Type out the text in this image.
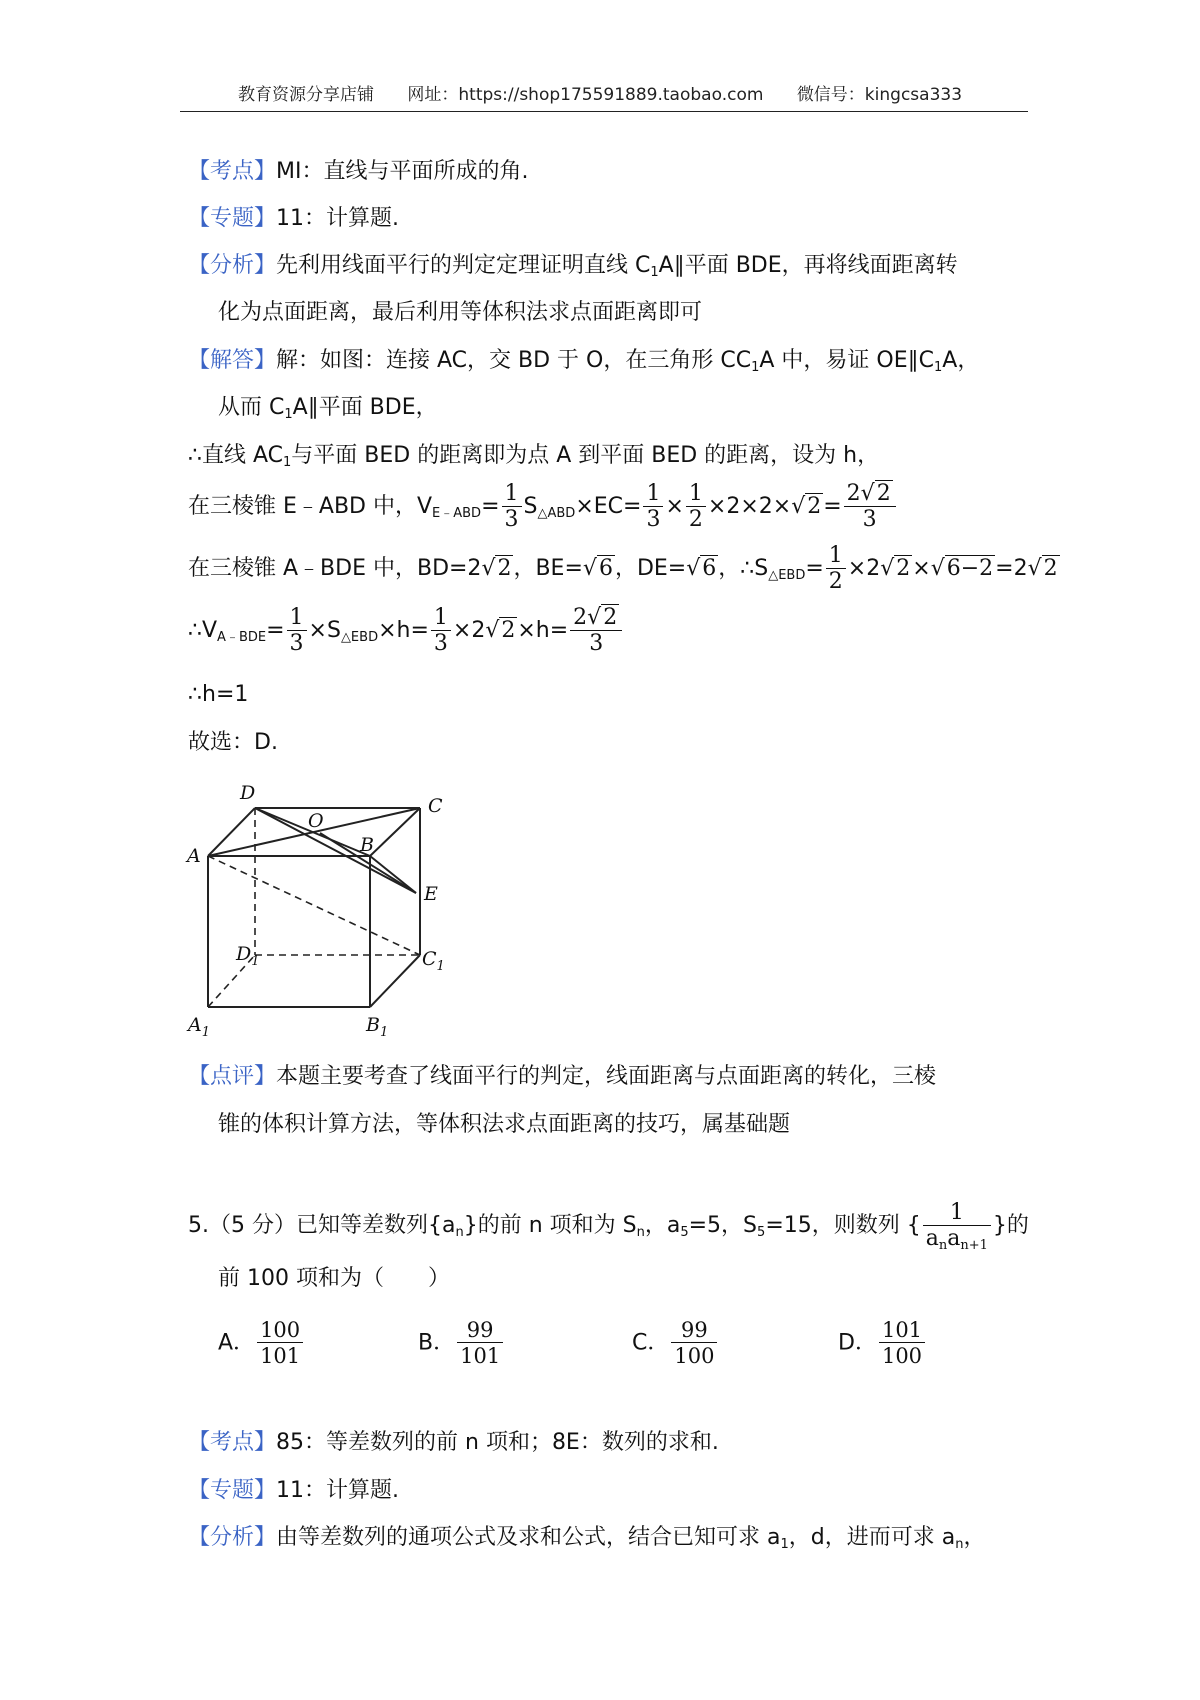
教育资源分享店铺 网址：https://shop175591889.taobao.com 微信号：kingcsa333
【考点】MI：直线与平面所成的角.
【专题】11：计算题.
【分析】先利用线面平行的判定定理证明直线 $C_1A\parallel$平面 BDE，再将线面距离转
化为点面距离，最后利用等体积法求点面距离即可
【解答】解：如图：连接 AC，交 BD 于 O，在三角形 $CC_1A$ 中，易证 $OE\parallel C_1A$，
从而 $C_1A\parallel$平面 BDE，
∴直线 $AC_1$与平面 BED 的距离即为点 A 到平面 BED 的距离，设为 h，
在三棱锥 E﹣ABD 中，$V_{E﹣ABD}= \frac{1}{3} S_{\triangle ABD}\times EC= \frac{1}{3} \times \frac{1}{2} \times 2\times 2\times√2= \frac{2√2}{3}$
在三棱锥 A﹣BDE 中，BD=2√2，BE=√6，DE=√6，$\therefore S_{\triangle EBD}= \frac{1}{2} \times 2√2\times√6-2=2√2$
$\therefore V_{A﹣BDE}= \frac{1}{3} \times S_{\triangle EBD}\times h= \frac{1}{3} \times 2√2\times h= \frac{2√2}{3}$
∴h=1
故选：D.
D
C
O
B
A
E
$D_1$	$C_1$
$A_1$	$B_1$
【点评】本题主要考查了线面平行的判定，线面距离与点面距离的转化，三棱
锥的体积计算方法，等体积法求点面距离的技巧，属基础题
5.（5 分）已知等差数列$\{a_n\}$的前 n 项和为 $S_n$，$a_5=5$，$S_5=15$，则数列 { $\frac{1}{a_na_{n+1}}$ }的
前 100 项和为（　　）
A． $\frac{100}{101}$	B． $\frac{99}{101}$	C． $\frac{99}{100}$	D． $\frac{101}{100}$
【考点】85：等差数列的前 n 项和；8E：数列的求和.
【专题】11：计算题.
【分析】由等差数列的通项公式及求和公式，结合已知可求 $a_1$，d，进而可求 $a_n$，
